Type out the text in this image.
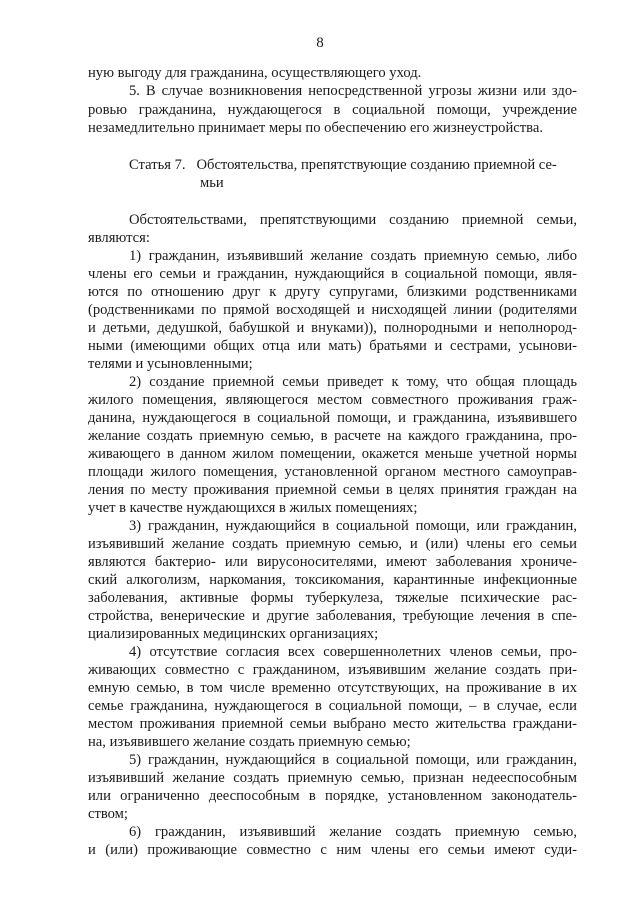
8
ную выгоду для гражданина, осуществляющего уход.
5. В случае возникновения непосредственной угрозы жизни или здо-
ровью гражданина, нуждающегося в социальной помощи, учреждение
незамедлительно принимает меры по обеспечению его жизнеустройства.
Статья 7.   Обстоятельства, препятствующие созданию приемной се-
мьи
Обстоятельствами, препятствующими созданию приемной семьи,
являются:
1) гражданин, изъявивший желание создать приемную семью, либо
члены его семьи и гражданин, нуждающийся в социальной помощи, явля-
ются по отношению друг к другу супругами, близкими родственниками
(родственниками по прямой восходящей и нисходящей линии (родителями
и детьми, дедушкой, бабушкой и внуками)), полнородными и неполнород-
ными (имеющими общих отца или мать) братьями и сестрами, усынови-
телями и усыновленными;
2) создание приемной семьи приведет к тому, что общая площадь
жилого помещения, являющегося местом совместного проживания граж-
данина, нуждающегося в социальной помощи, и гражданина, изъявившего
желание создать приемную семью, в расчете на каждого гражданина, про-
живающего в данном жилом помещении, окажется меньше учетной нормы
площади жилого помещения, установленной органом местного самоуправ-
ления по месту проживания приемной семьи в целях принятия граждан на
учет в качестве нуждающихся в жилых помещениях;
3) гражданин, нуждающийся в социальной помощи, или гражданин,
изъявивший желание создать приемную семью, и (или) члены его семьи
являются бактерио- или вирусоносителями, имеют заболевания хрониче-
ский алкоголизм, наркомания, токсикомания, карантинные инфекционные
заболевания, активные формы туберкулеза, тяжелые психические рас-
стройства, венерические и другие заболевания, требующие лечения в спе-
циализированных медицинских организациях;
4) отсутствие согласия всех совершеннолетних членов семьи, про-
живающих совместно с гражданином, изъявившим желание создать при-
емную семью, в том числе временно отсутствующих, на проживание в их
семье гражданина, нуждающегося в социальной помощи, – в случае, если
местом проживания приемной семьи выбрано место жительства граждани-
на, изъявившего желание создать приемную семью;
5) гражданин, нуждающийся в социальной помощи, или гражданин,
изъявивший желание создать приемную семью, признан недееспособным
или ограниченно дееспособным в порядке, установленном законодатель-
ством;
6) гражданин, изъявивший желание создать приемную семью,
и (или) проживающие совместно с ним члены его семьи имеют суди-
